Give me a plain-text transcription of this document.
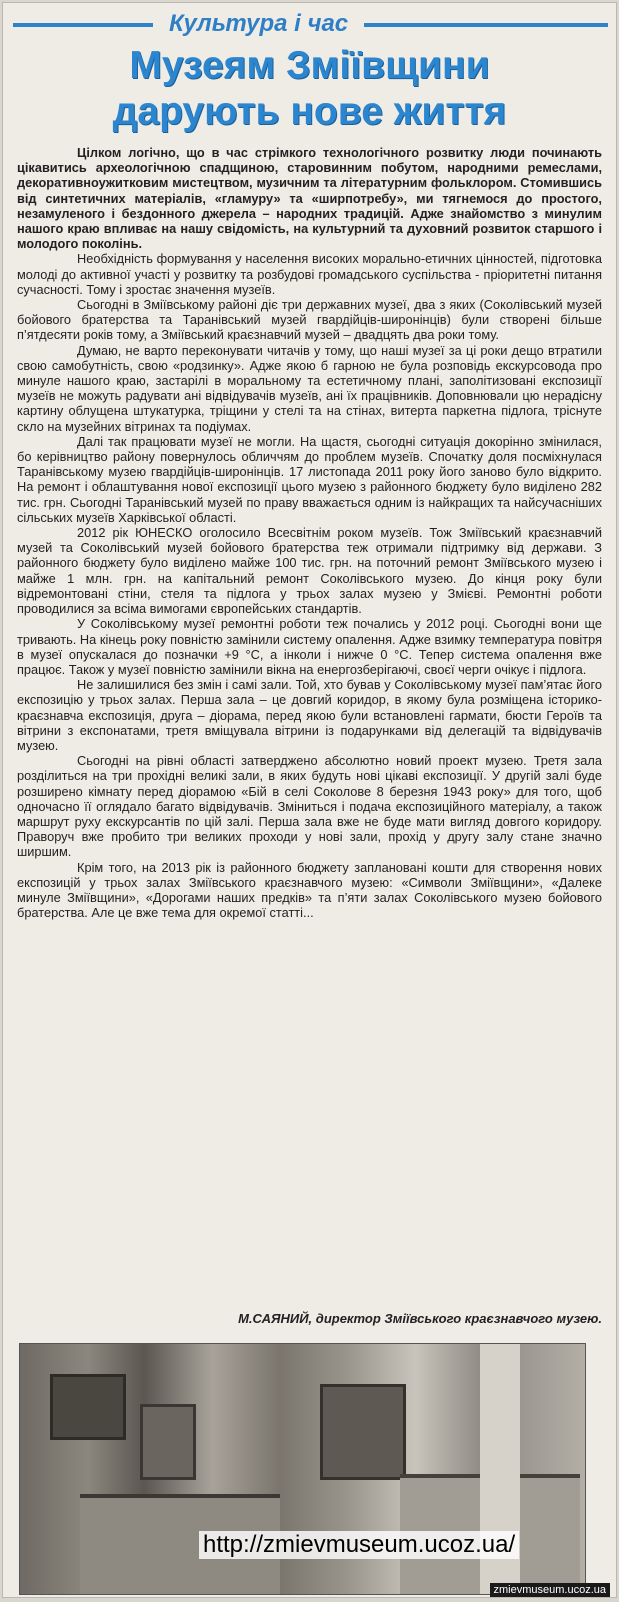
Культура і час
Музеям Зміївщини
дарують нове життя

Цілком логічно, що в час стрімкого технологічного розвитку люди починають цікавитись археологічною спадщиною, старовинним побутом, народними ремеслами, декоративноужитковим мистецтвом, музичним та літературним фольклором. Стомившись від синтетичних матеріалів, «гламуру» та «ширпотребу», ми тягнемося до простого, незамуленого і бездонного джерела – народних традицій. Адже знайомство з минулим нашого краю впливає на нашу свідомість, на культурний та духовний розвиток старшого і молодого поколінь.

Необхідність формування у населення високих морально-етичних цінностей, підготовка молоді до активної участі у розвитку та розбудові громадського суспільства - пріоритетні питання сучасності. Тому і зростає значення музеїв.

Сьогодні в Зміївському районі діє три державних музеї, два з яких (Соколівський музей бойового братерства та Таранівський музей гвардійців-широнінців) були створені більше п’ятдесяти років тому, а Зміївський краєзнавчий музей – двадцять два роки тому.

Думаю, не варто переконувати читачів у тому, що наші музеї за ці роки дещо втратили свою самобутність, свою «родзинку». Адже якою б гарною не була розповідь екскурсовода про минуле нашого краю, застарілі в моральному та естетичному плані, заполітизовані експозиції музеїв не можуть радувати ані відвідувачів музеїв, ані їх працівників. Доповнювали цю нерадісну картину облущена штукатурка, тріщини у стелі та на стінах, витерта паркетна підлога, тріснуте скло на музейних вітринах та подіумах.

Далі так працювати музеї не могли. На щастя, сьогодні ситуація докорінно змінилася, бо керівництво району повернулось обличчям до проблем музеїв. Спочатку доля посміхнулася Таранівському музею гвардійців-широнінців. 17 листопада 2011 року його заново було відкрито. На ремонт і облаштування нової експозиції цього музею з районного бюджету було виділено 282 тис. грн. Сьогодні Таранівський музей по праву вважається одним із найкращих та найсучасніших сільських музеїв Харківської області.

2012 рік ЮНЕСКО оголосило Всесвітнім роком музеїв. Тож Зміївський краєзнавчий музей та Соколівський музей бойового братерства теж отримали підтримку від держави. З районного бюджету було виділено майже 100 тис. грн. на поточний ремонт Зміївського музею і майже 1 млн. грн. на капітальний ремонт Соколівського музею. До кінця року були відремонтовані стіни, стеля та підлога у трьох залах музею у Змієві. Ремонтні роботи проводилися за всіма вимогами європейських стандартів.

У Соколівському музеї ремонтні роботи теж почались у 2012 році. Сьогодні вони ще тривають. На кінець року повністю замінили систему опалення. Адже взимку температура повітря в музеї опускалася до позначки +9 °С, а інколи і нижче 0 °С. Тепер система опалення вже працює. Також у музеї повністю замінили вікна на енергозберігаючі, своєї черги очікує і підлога.

Не залишилися без змін і самі зали. Той, хто бував у Соколівському музеї пам’ятає його експозицію у трьох залах. Перша зала – це довгий коридор, в якому була розміщена історико-краєзнавча експозиція, друга – діорама, перед якою були встановлені гармати, бюсти Героїв та вітрини з експонатами, третя вміщувала вітрини із подарунками від делегацій та відвідувачів музею.

Сьогодні на рівні області затверджено абсолютно новий проект музею. Третя зала розділиться на три прохідні великі зали, в яких будуть нові цікаві експозиції. У другій залі буде розширено кімнату перед діорамою «Бій в селі Соколове 8 березня 1943 року» для того, щоб одночасно її оглядало багато відвідувачів. Зміниться і подача експозиційного матеріалу, а також маршрут руху екскурсантів по цій залі. Перша зала вже не буде мати вигляд довгого коридору. Праворуч вже пробито три великих проходи у нові зали, прохід у другу залу стане значно ширшим.

Крім того, на 2013 рік із районного бюджету заплановані кошти для створення нових експозицій у трьох залах Зміївського краєзнавчого музею: «Символи Зміївщини», «Далеке минуле Зміївщини», «Дорогами наших предків» та п’яти залах Соколівського музею бойового братерства. Але це вже тема для окремої статті...

М.САЯНИЙ, директор Зміївського краєзнавчого музею.
http://zmievmuseum.ucoz.ua/
zmievmuseum.ucoz.ua
